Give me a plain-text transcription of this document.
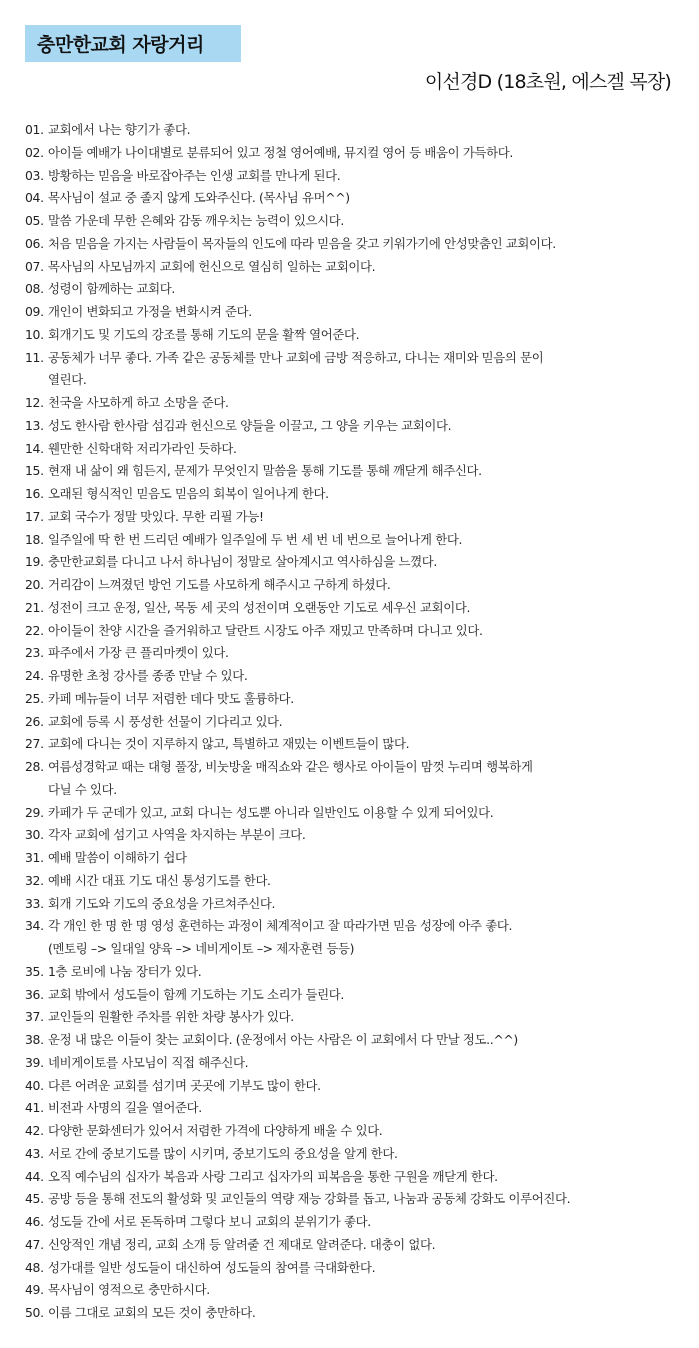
충만한교회 자랑거리
이선경D (18초원, 에스겔 목장)
01. 교회에서 나는 향기가 좋다.
02. 아이들 예배가 나이대별로 분류되어 있고 정철 영어예배, 뮤지컬 영어 등 배움이 가득하다.
03. 방황하는 믿음을 바로잡아주는 인생 교회를 만나게 된다.
04. 목사님이 설교 중 졸지 않게 도와주신다. (목사님 유머^^)
05. 말씀 가운데 무한 은혜와 감동 깨우치는 능력이 있으시다.
06. 처음 믿음을 가지는 사람들이 목자들의 인도에 따라 믿음을 갖고 키워가기에 안성맞춤인 교회이다.
07. 목사님의 사모님까지 교회에 헌신으로 열심히 일하는 교회이다.
08. 성령이 함께하는 교회다.
09. 개인이 변화되고 가정을 변화시켜 준다.
10. 회개기도 및 기도의 강조를 통해 기도의 문을 활짝 열어준다.
11. 공동체가 너무 좋다. 가족 같은 공동체를 만나 교회에 금방 적응하고, 다니는 재미와 믿음의 문이
열린다.
12. 천국을 사모하게 하고 소망을 준다.
13. 성도 한사람 한사람 섬김과 헌신으로 양들을 이끌고, 그 양을 키우는 교회이다.
14. 웬만한 신학대학 저리가라인 듯하다.
15. 현재 내 삶이 왜 힘든지, 문제가 무엇인지 말씀을 통해 기도를 통해 깨닫게 해주신다.
16. 오래된 형식적인 믿음도 믿음의 회복이 일어나게 한다.
17. 교회 국수가 정말 맛있다. 무한 리필 가능!
18. 일주일에 딱 한 번 드리던 예배가 일주일에 두 번 세 번 네 번으로 늘어나게 한다.
19. 충만한교회를 다니고 나서 하나님이 정말로 살아계시고 역사하심을 느꼈다.
20. 거리감이 느껴졌던 방언 기도를 사모하게 해주시고 구하게 하셨다.
21. 성전이 크고 운정, 일산, 목동 세 곳의 성전이며 오랜동안 기도로 세우신 교회이다.
22. 아이들이 찬양 시간을 즐거워하고 달란트 시장도 아주 재밌고 만족하며 다니고 있다.
23. 파주에서 가장 큰 플리마켓이 있다.
24. 유명한 초청 강사를 종종 만날 수 있다.
25. 카페 메뉴들이 너무 저렴한 데다 맛도 훌륭하다.
26. 교회에 등록 시 풍성한 선물이 기다리고 있다.
27. 교회에 다니는 것이 지루하지 않고, 특별하고 재밌는 이벤트들이 많다.
28. 여름성경학교 때는 대형 풀장, 비눗방울 매직쇼와 같은 행사로 아이들이 맘껏 누리며 행복하게
다닐 수 있다.
29. 카페가 두 군데가 있고, 교회 다니는 성도뿐 아니라 일반인도 이용할 수 있게 되어있다.
30. 각자 교회에 섬기고 사역을 차지하는 부분이 크다.
31. 예배 말씀이 이해하기 쉽다
32. 예배 시간 대표 기도 대신 통성기도를 한다.
33. 회개 기도와 기도의 중요성을 가르쳐주신다.
34. 각 개인 한 명 한 명 영성 훈련하는 과정이 체계적이고 잘 따라가면 믿음 성장에 아주 좋다.
(멘토링 –> 일대일 양육 –> 네비게이토 –> 제자훈련 등등)
35. 1층 로비에 나눔 장터가 있다.
36. 교회 밖에서 성도들이 함께 기도하는 기도 소리가 들린다.
37. 교인들의 원활한 주차를 위한 차량 봉사가 있다.
38. 운정 내 많은 이들이 찾는 교회이다. (운정에서 아는 사람은 이 교회에서 다 만날 정도..^^)
39. 네비게이토를 사모님이 직접 해주신다.
40. 다른 어려운 교회를 섬기며 곳곳에 기부도 많이 한다.
41. 비전과 사명의 길을 열어준다.
42. 다양한 문화센터가 있어서 저렴한 가격에 다양하게 배울 수 있다.
43. 서로 간에 중보기도를 많이 시키며, 중보기도의 중요성을 알게 한다.
44. 오직 예수님의 십자가 복음과 사랑 그리고 십자가의 피복음을 통한 구원을 깨닫게 한다.
45. 공방 등을 통해 전도의 활성화 및 교인들의 역량 재능 강화를 돕고, 나눔과 공동체 강화도 이루어진다.
46. 성도들 간에 서로 돈독하며 그렇다 보니 교회의 분위기가 좋다.
47. 신앙적인 개념 정리, 교회 소개 등 알려줄 건 제대로 알려준다. 대충이 없다.
48. 성가대를 일반 성도들이 대신하여 성도들의 참여를 극대화한다.
49. 목사님이 영적으로 충만하시다.
50. 이름 그대로 교회의 모든 것이 충만하다.
